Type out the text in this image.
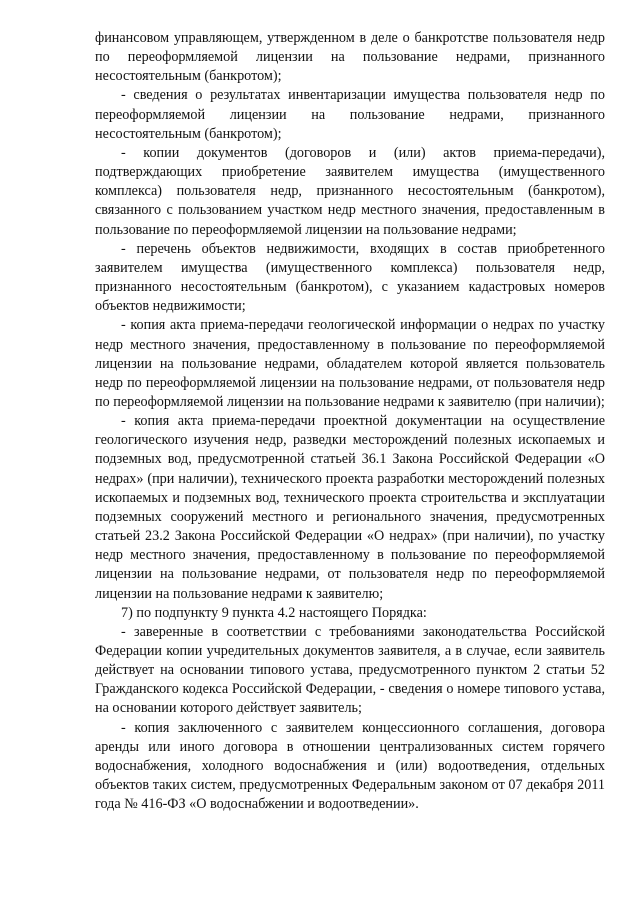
финансовом управляющем, утвержденном в деле о банкротстве пользователя недр по переоформляемой лицензии на пользование недрами, признанного несостоятельным (банкротом);

- сведения о результатах инвентаризации имущества пользователя недр по переоформляемой лицензии на пользование недрами, признанного несостоятельным (банкротом);

- копии документов (договоров и (или) актов приема-передачи), подтверждающих приобретение заявителем имущества (имущественного комплекса) пользователя недр, признанного несостоятельным (банкротом), связанного с пользованием участком недр местного значения, предоставленным в пользование по переоформляемой лицензии на пользование недрами;

- перечень объектов недвижимости, входящих в состав приобретенного заявителем имущества (имущественного комплекса) пользователя недр, признанного несостоятельным (банкротом), с указанием кадастровых номеров объектов недвижимости;

- копия акта приема-передачи геологической информации о недрах по участку недр местного значения, предоставленному в пользование по переоформляемой лицензии на пользование недрами, обладателем которой является пользователь недр по переоформляемой лицензии на пользование недрами, от пользователя недр по переоформляемой лицензии на пользование недрами к заявителю (при наличии);

- копия акта приема-передачи проектной документации на осуществление геологического изучения недр, разведки месторождений полезных ископаемых и подземных вод, предусмотренной статьей 36.1 Закона Российской Федерации «О недрах» (при наличии), технического проекта разработки месторождений полезных ископаемых и подземных вод, технического проекта строительства и эксплуатации подземных сооружений местного и регионального значения, предусмотренных статьей 23.2 Закона Российской Федерации «О недрах» (при наличии), по участку недр местного значения, предоставленному в пользование по переоформляемой лицензии на пользование недрами, от пользователя недр по переоформляемой лицензии на пользование недрами к заявителю;

7) по подпункту 9 пункта 4.2 настоящего Порядка:

- заверенные в соответствии с требованиями законодательства Российской Федерации копии учредительных документов заявителя, а в случае, если заявитель действует на основании типового устава, предусмотренного пунктом 2 статьи 52 Гражданского кодекса Российской Федерации, - сведения о номере типового устава, на основании которого действует заявитель;

- копия заключенного с заявителем концессионного соглашения, договора аренды или иного договора в отношении централизованных систем горячего водоснабжения, холодного водоснабжения и (или) водоотведения, отдельных объектов таких систем, предусмотренных Федеральным законом от 07 декабря 2011 года № 416-ФЗ «О водоснабжении и водоотведении».
